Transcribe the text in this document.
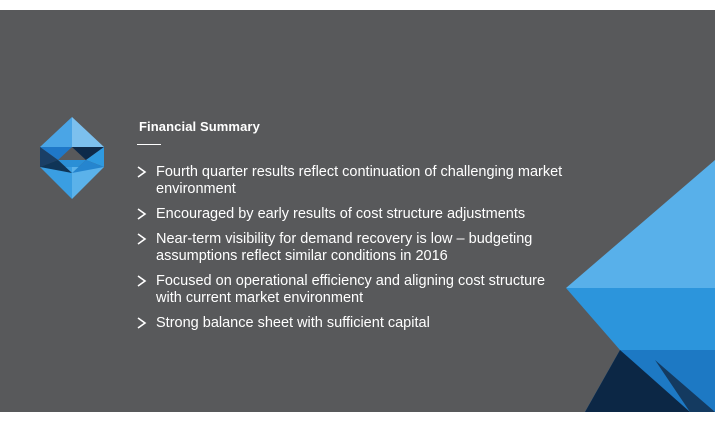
Financial Summary
Fourth quarter results reflect continuation of challenging market environment
Encouraged by early results of cost structure adjustments
Near-term visibility for demand recovery is low – budgeting assumptions reflect similar conditions in 2016
Focused on operational efficiency and aligning cost structure with current market environment
Strong balance sheet with sufficient capital
